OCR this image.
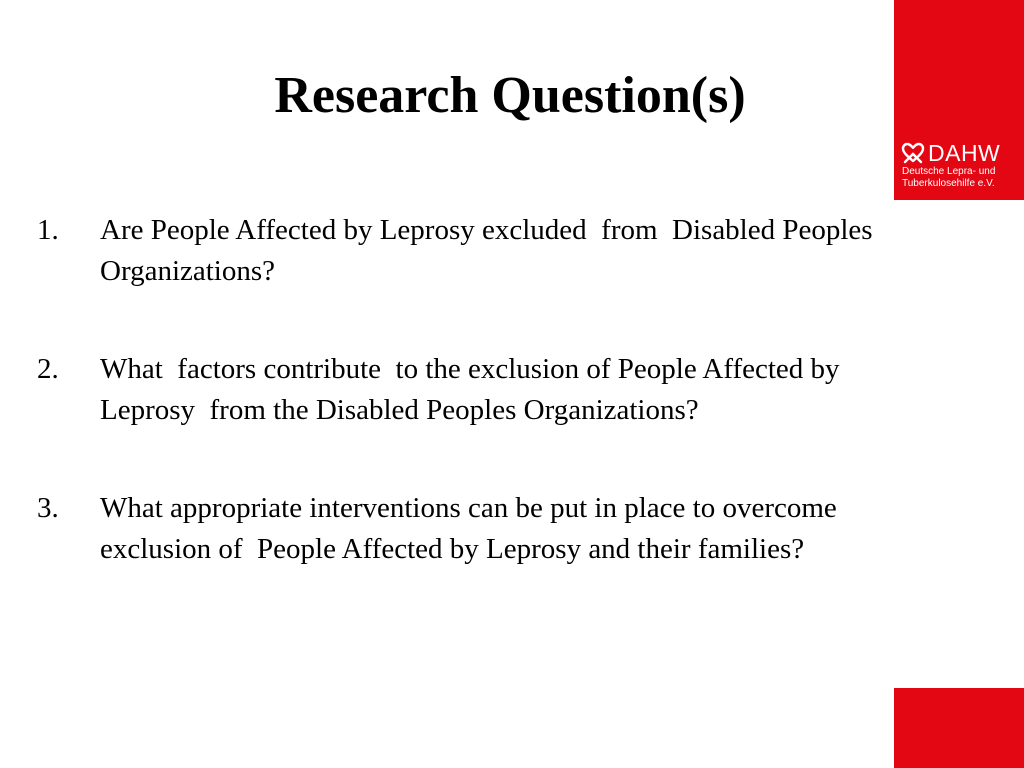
DAHW
Deutsche Lepra- und
Tuberkulosehilfe e.V.
Research Question(s)
1.	Are People Affected by Leprosy excluded  from  Disabled Peoples Organizations?
2.	What  factors contribute  to the exclusion of People Affected by Leprosy  from the Disabled Peoples Organizations?
3.	What appropriate interventions can be put in place to overcome exclusion of  People Affected by Leprosy and their families?
